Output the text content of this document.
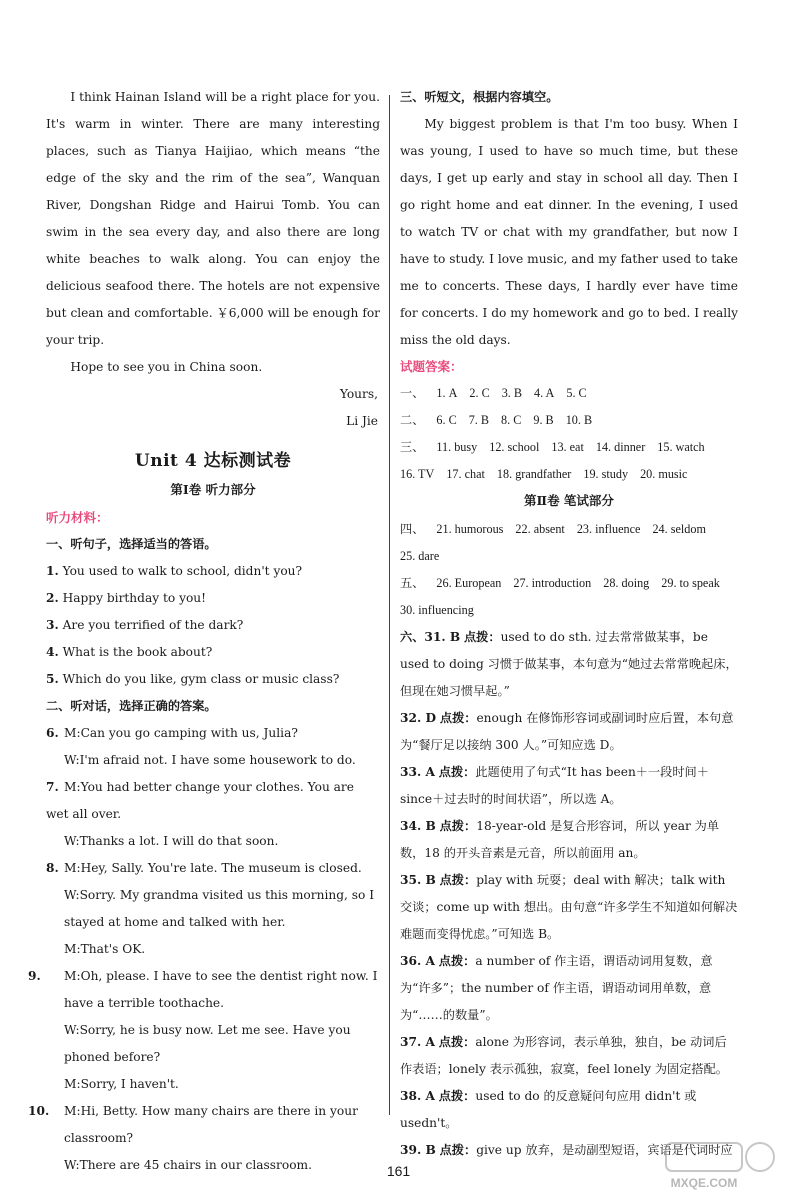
I think Hainan Island will be a right place for you. It's warm in winter. There are many interesting places, such as Tianya Haijiao, which means “the edge of the sky and the rim of the sea”, Wanquan River, Dongshan Ridge and Hairui Tomb. You can swim in the sea every day, and also there are long white beaches to walk along. You can enjoy the delicious seafood there. The hotels are not expensive but clean and comfortable. ￥6,000 will be enough for your trip.

Hope to see you in China soon.

Yours,

Li Jie

Unit 4 达标测试卷
第Ⅰ卷 听力部分
听力材料：
一、听句子，选择适当的答语。
1. You used to walk to school, didn't you?
2. Happy birthday to you!
3. Are you terrified of the dark?
4. What is the book about?
5. Which do you like, gym class or music class?
二、听对话，选择正确的答案。
6. M:Can you go camping with us, Julia?
W:I'm afraid not. I have some housework to do.
7. M:You had better change your clothes. You are wet all over.
W:Thanks a lot. I will do that soon.
8. M:Hey, Sally. You're late. The museum is closed.
W:Sorry. My grandma visited us this morning, so I stayed at home and talked with her.
M:That's OK.
9. M:Oh, please. I have to see the dentist right now. I have a terrible toothache.
W:Sorry, he is busy now. Let me see. Have you phoned before?
M:Sorry, I haven't.
10. M:Hi, Betty. How many chairs are there in your classroom?
W:There are 45 chairs in our classroom.
三、听短文，根据内容填空。

My biggest problem is that I'm too busy. When I was young, I used to have so much time, but these days, I get up early and stay in school all day. Then I go right home and eat dinner. In the evening, I used to watch TV or chat with my grandfather, but now I have to study. I love music, and my father used to take me to concerts. These days, I hardly ever have time for concerts. I do my homework and go to bed. I really miss the old days.

试题答案：
一、 1. A 2. C 3. B 4. A 5. C
二、 6. C 7. B 8. C 9. B 10. B
三、 11. busy 12. school 13. eat 14. dinner 15. watch
16. TV 17. chat 18. grandfather 19. study 20. music
第Ⅱ卷 笔试部分
四、 21. humorous 22. absent 23. influence 24. seldom
25. dare
五、 26. European 27. introduction 28. doing 29. to speak
30. influencing
六、31. B 点拨：used to do sth. 过去常常做某事，be used to doing 习惯于做某事，本句意为“她过去常常晚起床，但现在她习惯早起。”
32. D 点拨：enough 在修饰形容词或副词时应后置，本句意为“餐厅足以接纳 300 人。”可知应选 D。
33. A 点拨：此题使用了句式“It has been＋一段时间＋since＋过去时的时间状语”，所以选 A。
34. B 点拨：18-year-old 是复合形容词，所以 year 为单数，18 的开头音素是元音，所以前面用 an。
35. B 点拨：play with 玩耍；deal with 解决；talk with 交谈；come up with 想出。由句意“许多学生不知道如何解决难题而变得忧虑。”可知选 B。
36. A 点拨：a number of 作主语，谓语动词用复数，意为“许多”；the number of 作主语，谓语动词用单数，意为“……的数量”。
37. A 点拨：alone 为形容词，表示单独，独自，be 动词后作表语；lonely 表示孤独，寂寞，feel lonely 为固定搭配。
38. A 点拨：used to do 的反意疑问句应用 didn't 或 usedn't。
39. B 点拨：give up 放弃，是动副型短语，宾语是代词时应
161
MXQE.COM
